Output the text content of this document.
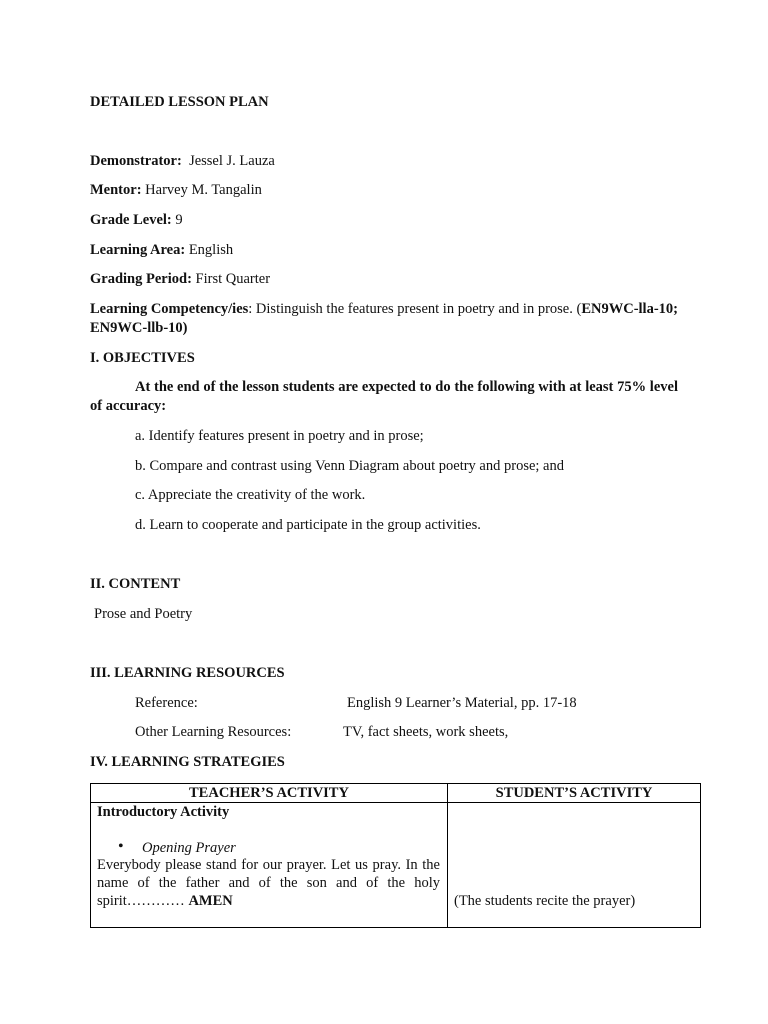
DETAILED LESSON PLAN
Demonstrator: Jessel J. Lauza
Mentor: Harvey M. Tangalin
Grade Level: 9
Learning Area: English
Grading Period: First Quarter
Learning Competency/ies: Distinguish the features present in poetry and in prose. (EN9WC-lla-10; EN9WC-llb-10)
I. OBJECTIVES
At the end of the lesson students are expected to do the following with at least 75% level of accuracy:
a. Identify features present in poetry and in prose;
b. Compare and contrast using Venn Diagram about poetry and prose; and
c. Appreciate the creativity of the work.
d. Learn to cooperate and participate in the group activities.
II. CONTENT
Prose and Poetry
III. LEARNING RESOURCES
Reference:	English 9 Learner’s Material, pp. 17-18
Other Learning Resources:	TV, fact sheets, work sheets,
IV. LEARNING STRATEGIES
TEACHER’S ACTIVITY	STUDENT’S ACTIVITY
Introductory Activity
• Opening Prayer
Everybody please stand for our prayer. Let us pray. In the name of the father and of the son and of the holy spirit………… AMEN	(The students recite the prayer)
